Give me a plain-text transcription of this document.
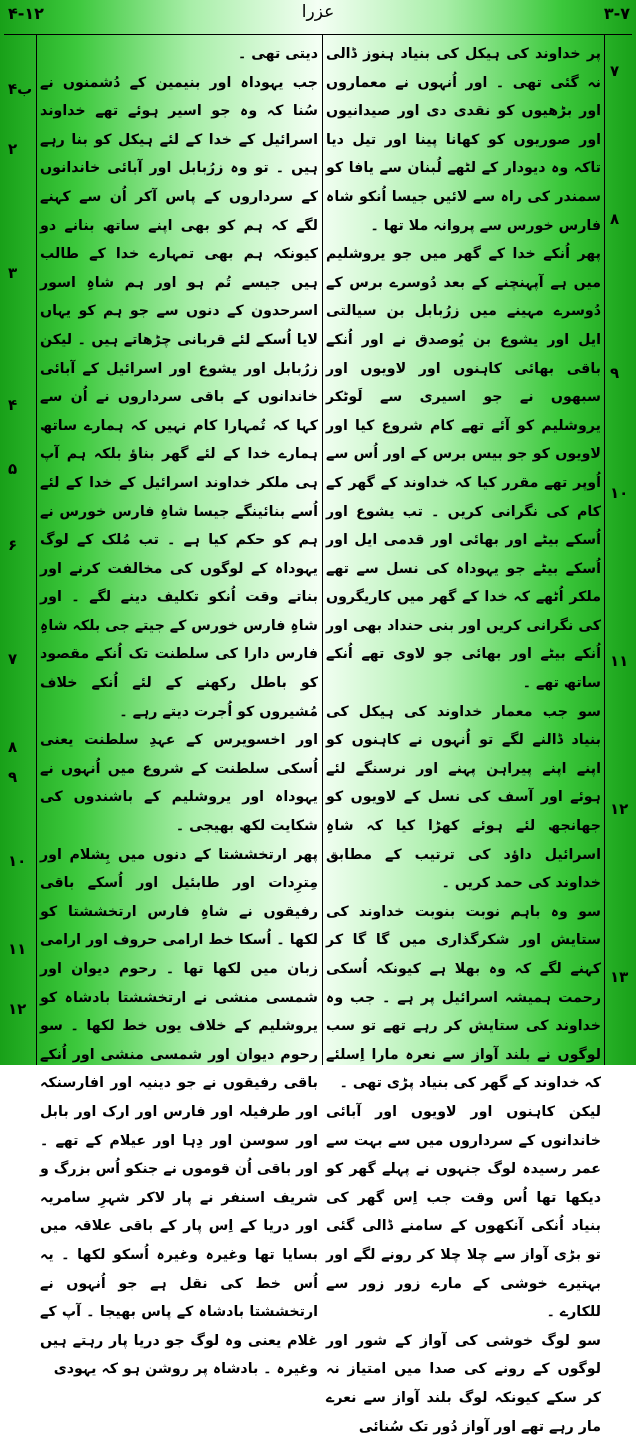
۳-۷
عزرا
۴-۱۲

پر خداوند کی ہیکل کی بنیاد ہنوز ڈالی نہ گئی تھی ۔ اور اُنہوں نے معماروں اور بڑھیوں کو نقدی دی اور صیدانیوں اور صوریوں کو کھانا پینا اور تیل دیا تاکہ وہ دیودار کے لٹھے لُبنان سے یافا کو سمندر کی راہ سے لائیں جیسا اُنکو شاہ فارس خورس سے پروانہ ملا تھا ۔

پھر اُنکے خدا کے گھر میں جو یروشلیم میں ہے آپہنچنے کے بعد دُوسرے برس کے دُوسرے مہینے میں زرُبابل بن سیالتی ایل اور یشوع بن یُوصدق نے اور اُنکے باقی بھائی کاہنوں اور لاویوں اور سبھوں نے جو اسیری سے لَوٹکر یروشلیم کو آئے تھے کام شروع کیا اور لاویوں کو جو بیس برس کے اور اُس سے اُوپر تھے مقرر کیا کہ خداوند کے گھر کے کام کی نگرانی کریں ۔ تب یشوع اور اُسکے بیٹے اور بھائی اور قدمی ایل اور اُسکے بیٹے جو یہوداہ کی نسل سے تھے ملکر اُٹھے کہ خدا کے گھر میں کاریگروں کی نگرانی کریں اور بنی حنداد بھی اور اُنکے بیٹے اور بھائی جو لاوی تھے اُنکے ساتھ تھے ۔

سو جب معمار خداوند کی ہیکل کی بنیاد ڈالنے لگے تو اُنہوں نے کاہنوں کو اپنے اپنے پیراہن پہنے اور نرسنگے لئے ہوئے اور آسف کی نسل کے لاویوں کو جھانجھ لئے ہوئے کھڑا کیا کہ شاہِ اسرائیل داؤد کی ترتیب کے مطابق خداوند کی حمد کریں ۔

سو وہ باہم نوبت بنوبت خداوند کی ستایش اور شکرگذاری میں گا گا کر کہنے لگے کہ وہ بھلا ہے کیونکہ اُسکی رحمت ہمیشہ اسرائیل پر ہے ۔ جب وہ خداوند کی ستایش کر رہے تھے تو سب لوگوں نے بلند آواز سے نعرہ مارا اِسلئے کہ خداوند کے گھر کی بنیاد پڑی تھی ۔

لیکن کاہنوں اور لاویوں اور آبائی خاندانوں کے سرداروں میں سے بہت سے عمر رسیدہ لوگ جنہوں نے پہلے گھر کو دیکھا تھا اُس وقت جب اِس گھر کی بنیاد اُنکی آنکھوں کے سامنے ڈالی گئی تو بڑی آواز سے چلا چلا کر رونے لگے اور بہتیرے خوشی کے مارے زور زور سے للکارے ۔

سو لوگ خوشی کی آواز کے شور اور لوگوں کے رونے کی صدا میں امتیاز نہ کر سکے کیونکہ لوگ بلند آواز سے نعرے مار رہے تھے اور آواز دُور تک سُنائی

دیتی تھی ۔

جب یہوداہ اور بنیمین کے دُشمنوں نے سُنا کہ وہ جو اسیر ہوئے تھے خداوند اسرائیل کے خدا کے لئے ہیکل کو بنا رہے ہیں ۔ تو وہ زرُبابل اور آبائی خاندانوں کے سرداروں کے پاس آکر اُن سے کہنے لگے کہ ہم کو بھی اپنے ساتھ بنانے دو کیونکہ ہم بھی تمہارے خدا کے طالب ہیں جیسے تُم ہو اور ہم شاہِ اسور اسرحدون کے دنوں سے جو ہم کو یہاں لایا اُسکے لئے قربانی چڑھاتے ہیں ۔ لیکن زرُبابل اور یشوع اور اسرائیل کے آبائی خاندانوں کے باقی سرداروں نے اُن سے کہا کہ تُمہارا کام نہیں کہ ہمارے ساتھ ہمارے خدا کے لئے گھر بناؤ بلکہ ہم آپ ہی ملکر خداوند اسرائیل کے خدا کے لئے اُسے بنائینگے جیسا شاہِ فارس خورس نے ہم کو حکم کیا ہے ۔ تب مُلک کے لوگ یہوداہ کے لوگوں کی مخالفت کرنے اور بناتے وقت اُنکو تکلیف دینے لگے ۔ اور شاہِ فارس خورس کے جیتے جی بلکہ شاہِ فارس دارا کی سلطنت تک اُنکے مقصود کو باطل رکھنے کے لئے اُنکے خلاف مُشیروں کو اُجرت دیتے رہے ۔

اور اخسویرس کے عہدِ سلطنت یعنی اُسکی سلطنت کے شروع میں اُنہوں نے یہوداہ اور یروشلیم کے باشندوں کی شکایت لکھ بھیجی ۔

پھر ارتخششتا کے دنوں میں بِشلام اور مِترِدات اور طابئیل اور اُسکے باقی رفیقوں نے شاہِ فارس ارتخششتا کو لکھا ۔ اُسکا خط ارامی حروف اور ارامی زبان میں لکھا تھا ۔ رحوم دیوان اور شمسی منشی نے ارتخششتا بادشاہ کو یروشلیم کے خلاف یوں خط لکھا ۔ سو رحوم دیوان اور شمسی منشی اور اُنکے باقی رفیقوں نے جو دینیہ اور افارسنکہ اور طرفیلہ اور فارس اور ارک اور بابل اور سوسن اور دِہا اور عیلام کے تھے ۔ اور باقی اُن قوموں نے جنکو اُس بزرگ و شریف اسنفر نے پار لاکر شہرِ سامریہ اور دریا کے اِس پار کے باقی علاقہ میں بسایا تھا وغیرہ وغیرہ اُسکو لکھا ۔ یہ اُس خط کی نقل ہے جو اُنہوں نے ارتخششتا بادشاہ کے پاس بھیجا ۔ آپ کے غلام یعنی وہ لوگ جو دریا پار رہتے ہیں وغیرہ ۔ بادشاہ پر روشن ہو کہ یہودی

۷
۸
۹
۱۰
۱۱
۱۲
۱۳
۴ب
۲
۳
۴
۵
۶
۷
۸
۹
۱۰
۱۱
۱۲
